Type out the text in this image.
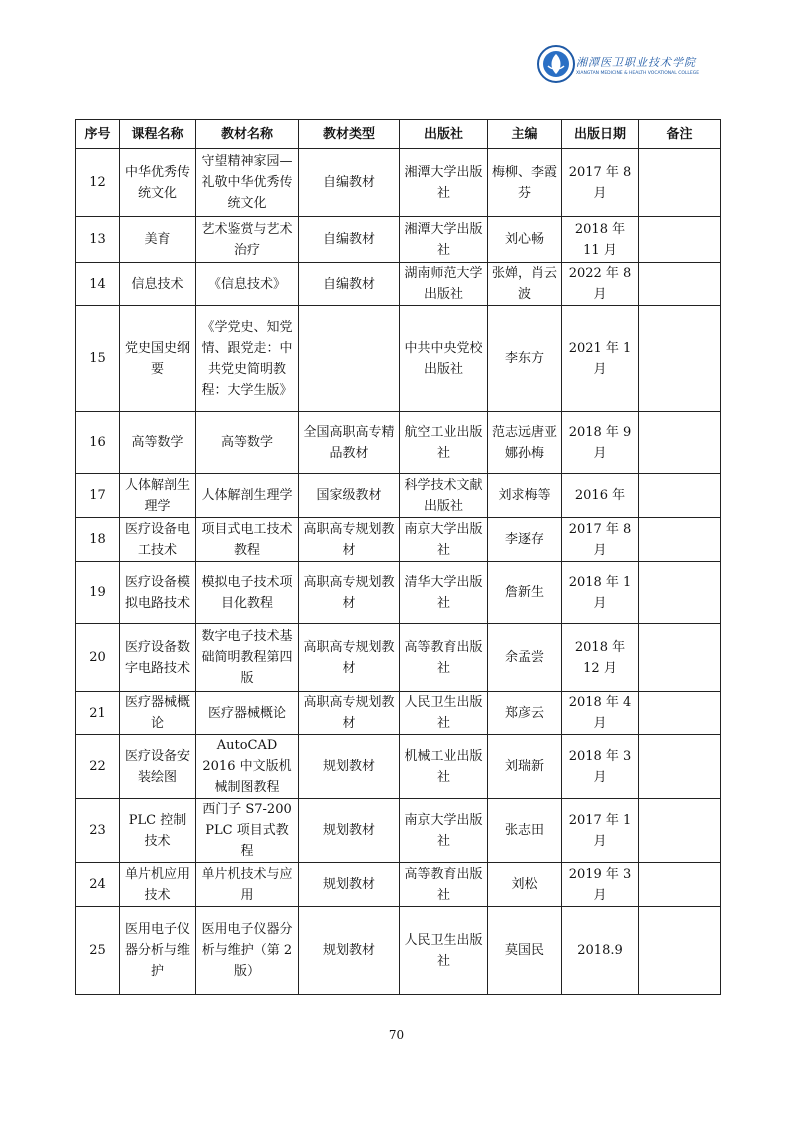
湘潭医卫职业技术学院
XIANGTAN MEDICINE & HEALTH VOCATIONAL COLLEGE
序号	课程名称	教材名称	教材类型	出版社	主编	出版日期	备注
12	中华优秀传统文化	守望精神家园—礼敬中华优秀传统文化	自编教材	湘潭大学出版社	梅柳、李霞芬	2017 年 8 月	
13	美育	艺术鉴赏与艺术治疗	自编教材	湘潭大学出版社	刘心畅	2018 年 11 月	
14	信息技术	《信息技术》	自编教材	湖南师范大学出版社	张婵，肖云波	2022 年 8 月	
15	党史国史纲要	《学党史、知党情、跟党走：中共党史简明教程：大学生版》		中共中央党校出版社	李东方	2021 年 1 月	
16	高等数学	高等数学	全国高职高专精品教材	航空工业出版社	范志远唐亚娜孙梅	2018 年 9 月	
17	人体解剖生理学	人体解剖生理学	国家级教材	科学技术文献出版社	刘求梅等	2016 年	
18	医疗设备电工技术	项目式电工技术教程	高职高专规划教材	南京大学出版社	李逐存	2017 年 8 月	
19	医疗设备模拟电路技术	模拟电子技术项目化教程	高职高专规划教材	清华大学出版社	詹新生	2018 年 1 月	
20	医疗设备数字电路技术	数字电子技术基础简明教程第四版	高职高专规划教材	高等教育出版社	余孟尝	2018 年 12 月	
21	医疗器械概论	医疗器械概论	高职高专规划教材	人民卫生出版社	郑彦云	2018 年 4 月	
22	医疗设备安装绘图	AutoCAD 2016 中文版机械制图教程	规划教材	机械工业出版社	刘瑞新	2018 年 3 月	
23	PLC 控制技术	西门子 S7-200 PLC 项目式教程	规划教材	南京大学出版社	张志田	2017 年 1 月	
24	单片机应用技术	单片机技术与应用	规划教材	高等教育出版社	刘松	2019 年 3 月	
25	医用电子仪器分析与维护	医用电子仪器分析与维护（第 2 版）	规划教材	人民卫生出版社	莫国民	2018.9	
70
